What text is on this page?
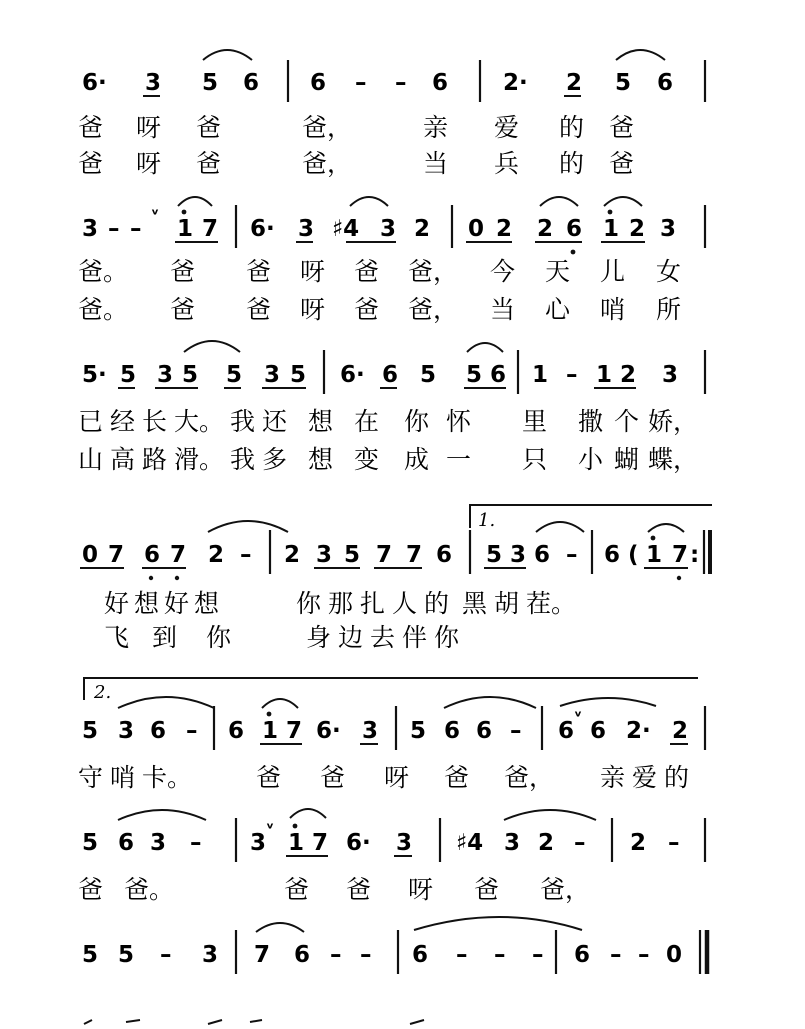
6· 3 5 6 6 – – 6 2· 2 5 6
爸 呀 爸	爸，	亲 爱 的 爸
爸 呀 爸	爸，	当 兵 的 爸
3 – –
ᵛ
1 7 6· 3 ♯4 3 2 0 2 2 6 1 2 3
爸。 爸 爸 呀 爸 爸， 今 天 儿 女
爸。 爸 爸 呀 爸 爸， 当 心 哨 所
5· 5 3 5 5 3 5 6· 6 5 5 6 1 – 1 2 3
已 经 长 大。 我 还 想 在 你 怀 里 撒 个 娇，
山 高 路 滑。 我 多 想 变 成 一 只 小 蝴 蝶，
1.
0 7 6 7 2 – 2 3 5 7 7 6 5 3 6 – 6 ( 1 7 :
好 想 好 想	你 那 扎 人 的 黑 胡 茬。
飞 到 你	身 边 去 伴 你
2.
5 3 6 – 6 1 7 6· 3 5 6 6 – 6
ᵛ
6 2· 2
守 哨 卡。	爸 爸 呀 爸 爸， 亲 爱 的
5 6 3 – 3
ᵛ
1 7 6· 3 ♯4 3 2 – 2 –
爸 爸。	爸 爸 呀 爸 爸，
5 5 – 3 7 6 – – 6 – – – 6 – – 0
